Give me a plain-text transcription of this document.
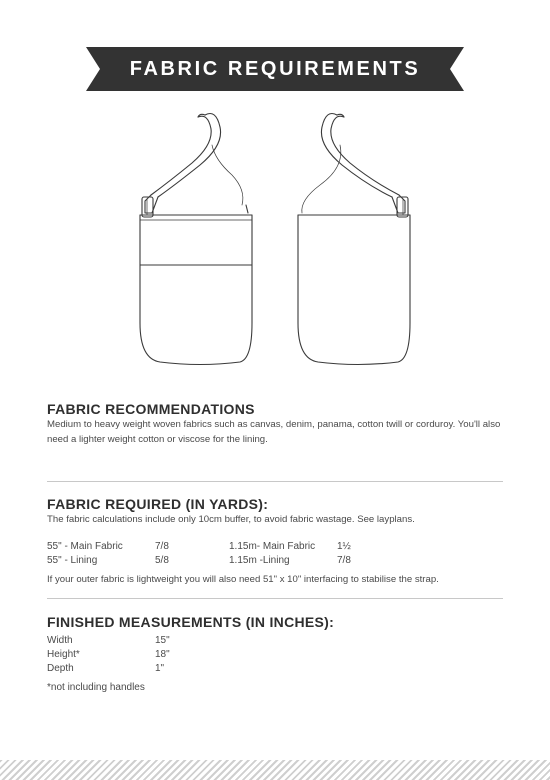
FABRIC REQUIREMENTS
FABRIC RECOMMENDATIONS

Medium to heavy weight woven fabrics such as canvas, denim, panama, cotton twill or corduroy. You'll also need a lighter weight cotton or viscose for the lining.

FABRIC REQUIRED (IN YARDS):

The fabric calculations include only 10cm buffer, to avoid fabric wastage. See layplans.

55" - Main Fabric	7/8	1.15m- Main Fabric 1½
55" - Lining	5/8	1.15m -Lining	7/8

If your outer fabric is lightweight you will also need 51" x 10" interfacing to stabilise the strap.

FINISHED MEASUREMENTS (IN INCHES):
Width	15"
Height*	18"
Depth	1"
*not including handles
